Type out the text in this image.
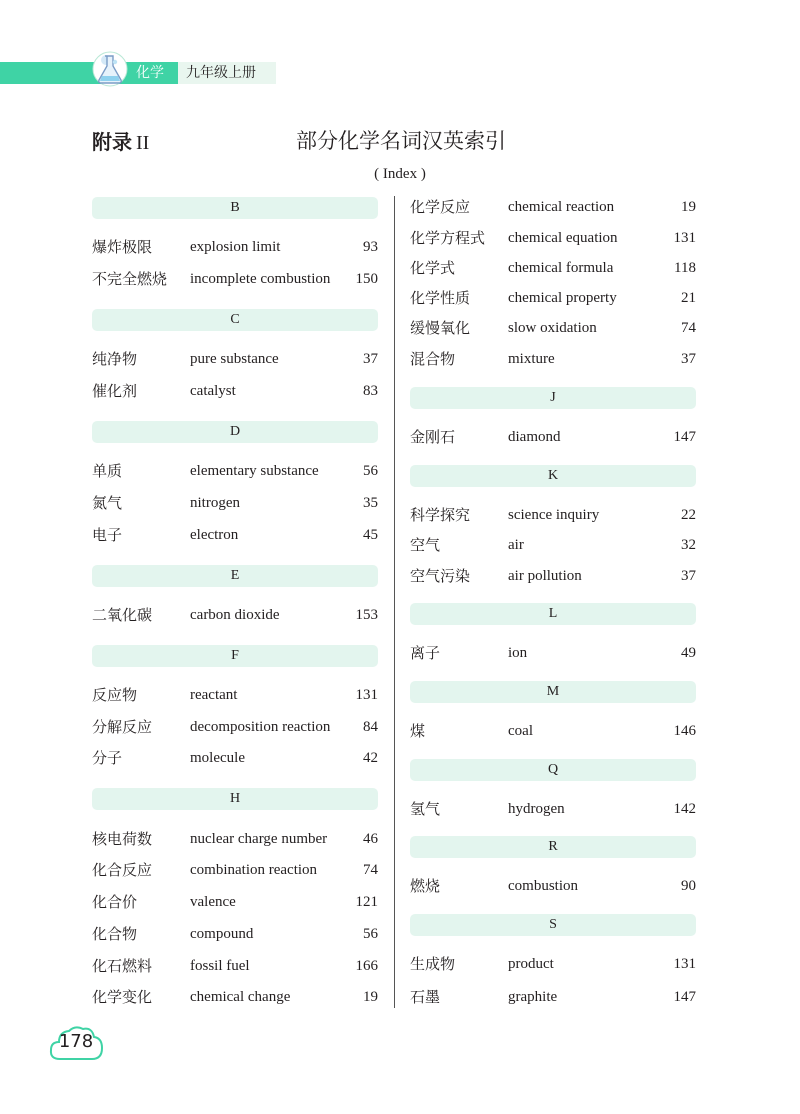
化学	九年级上册
附录 II	部分化学名词汉英索引
( Index )
B
爆炸极限	explosion limit	93
不完全燃烧 incomplete combustion 150
C
纯净物	pure substance	37
催化剂	catalyst	83
D
单质	elementary substance	56
氮气	nitrogen	35
电子	electron	45
E
二氧化碳	carbon dioxide	153
F
反应物	reactant	131
分解反应	decomposition reaction 84
分子	molecule	42
H
核电荷数	nuclear charge number 46
化合反应	combination reaction	74
化合价	valence	121
化合物	compound	56
化石燃料	fossil fuel	166
化学变化	chemical change	19
化学反应	chemical reaction	19
化学方程式 chemical equation	131
化学式	chemical formula	118
化学性质	chemical property	21
缓慢氧化	slow oxidation	74
混合物	mixture	37
J
金刚石	diamond	147
K
科学探究	science inquiry	22
空气	air	32
空气污染	air pollution	37
L
离子	ion	49
M
煤	coal	146
Q
氢气	hydrogen	142
R
燃烧	combustion	90
S
生成物	product	131
石墨	graphite	147
178
